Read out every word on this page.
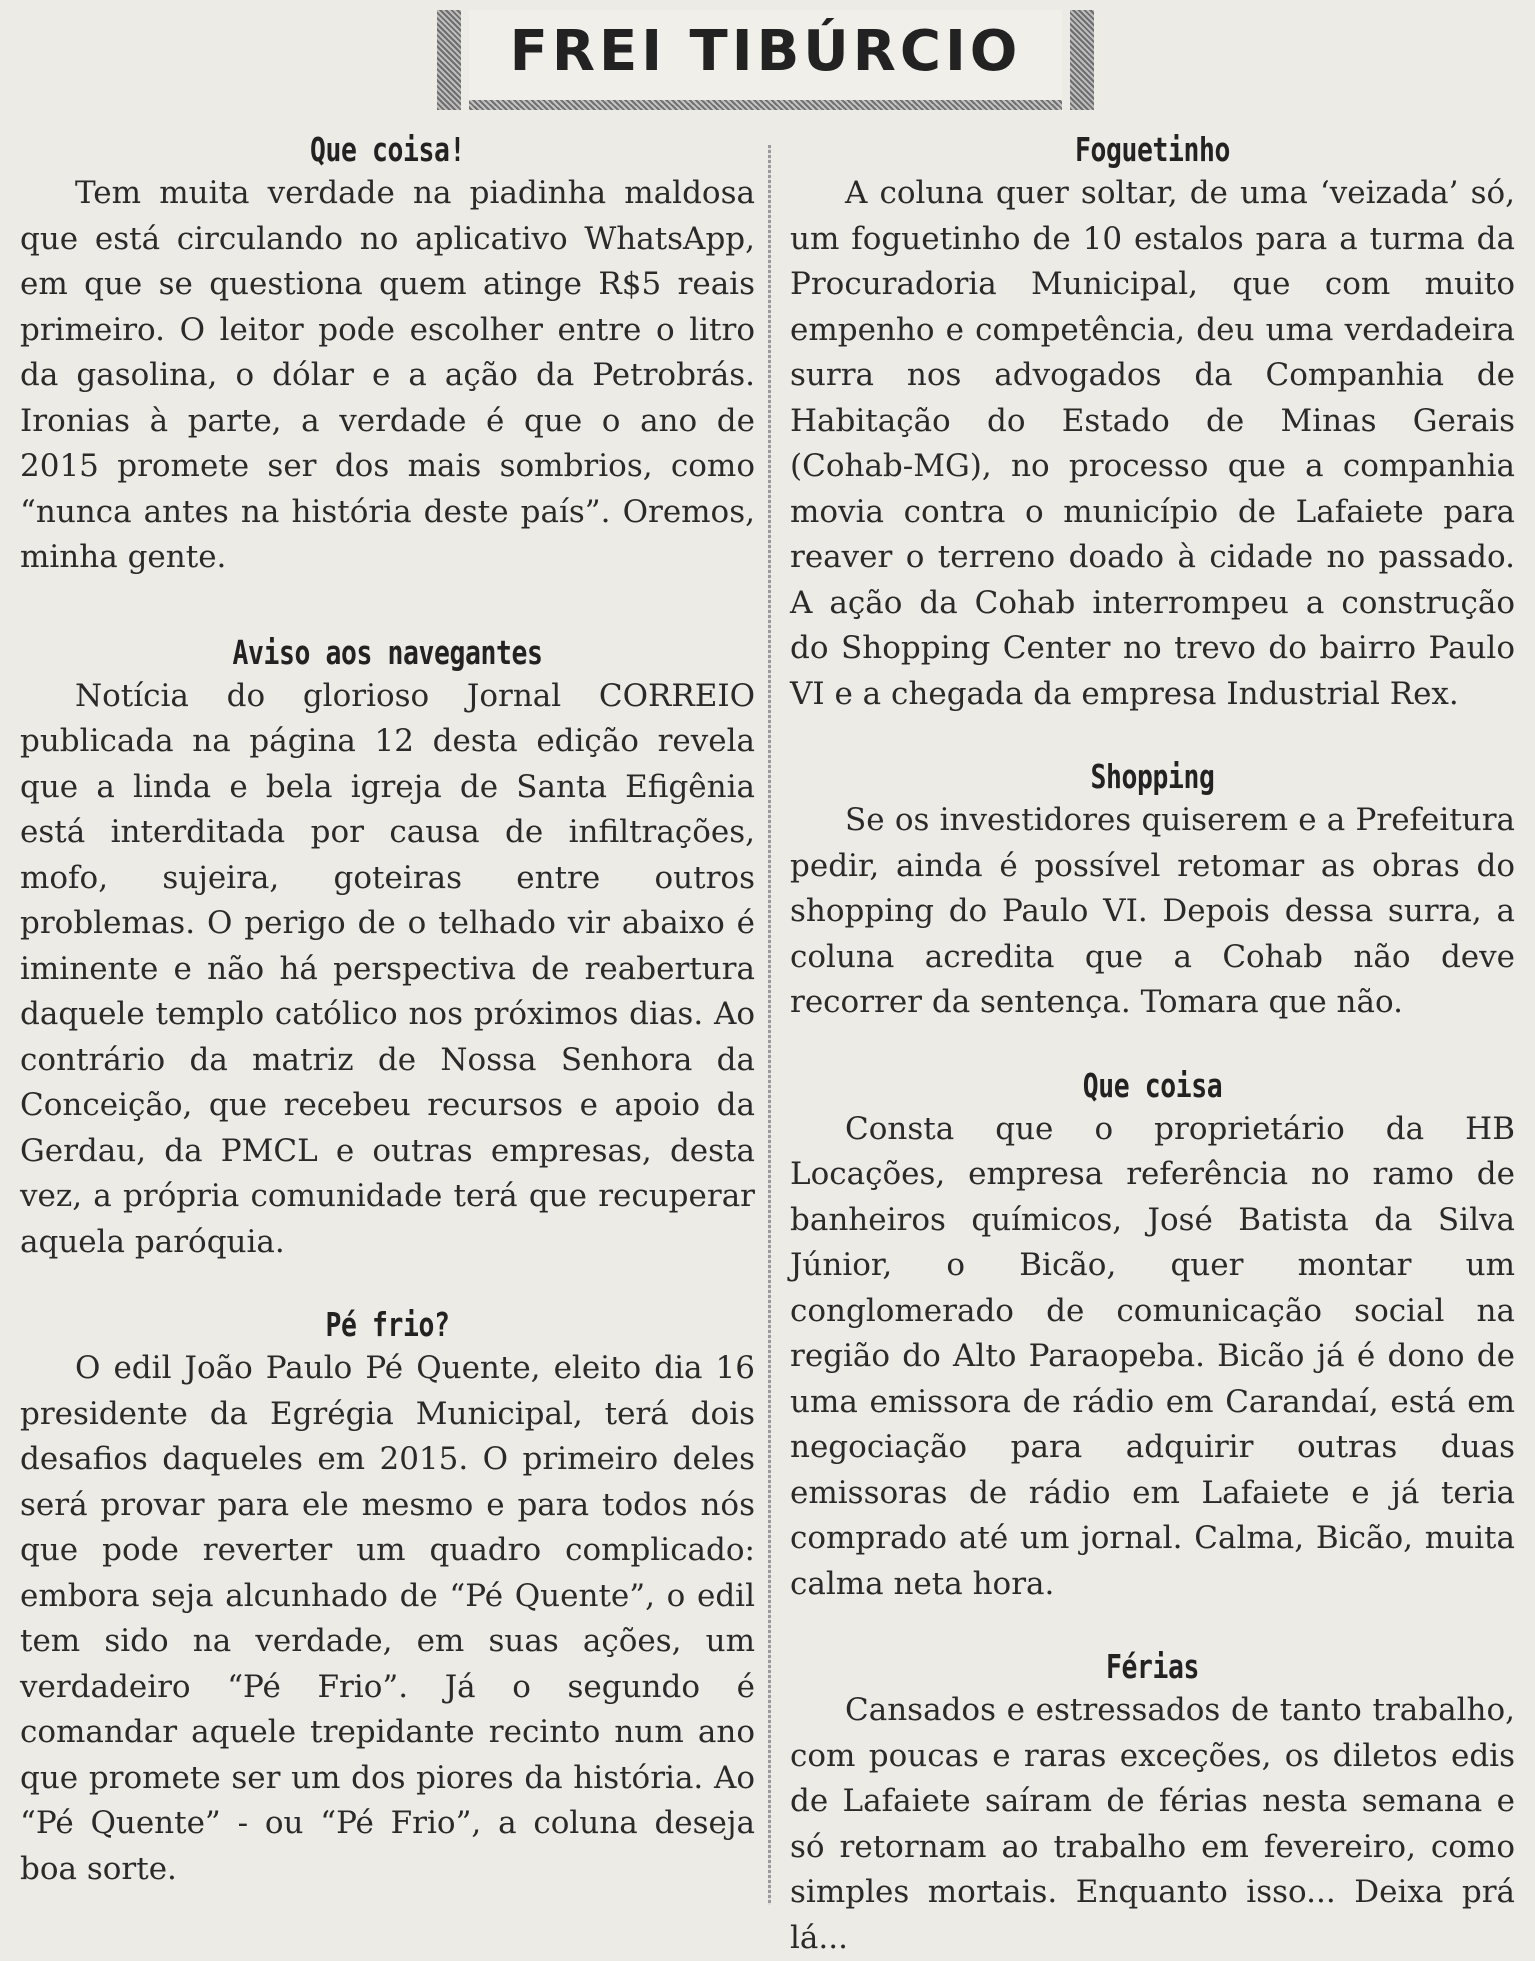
FREI TIBÚRCIO
Que coisa!

Tem muita verdade na piadinha maldosa que está circulando no aplicativo WhatsApp, em que se questiona quem atinge R$5 reais primeiro. O leitor pode escolher entre o litro da gasolina, o dólar e a ação da Petrobrás. Ironias à parte, a verdade é que o ano de 2015 promete ser dos mais sombrios, como “nunca antes na história deste país”. Oremos, minha gente.

Aviso aos navegantes

Notícia do glorioso Jornal CORREIO publicada na página 12 desta edição revela que a linda e bela igreja de Santa Efigênia está interditada por causa de infiltrações, mofo, sujeira, goteiras entre outros problemas. O perigo de o telhado vir abaixo é iminente e não há perspectiva de reabertura daquele templo católico nos próximos dias. Ao contrário da matriz de Nossa Senhora da Conceição, que recebeu recursos e apoio da Gerdau, da PMCL e outras empresas, desta vez, a própria comunidade terá que recuperar aquela paróquia.

Pé frio?

O edil João Paulo Pé Quente, eleito dia 16 presidente da Egrégia Municipal, terá dois desafios daqueles em 2015. O primeiro deles será provar para ele mesmo e para todos nós que pode reverter um quadro complicado: embora seja alcunhado de “Pé Quente”, o edil tem sido na verdade, em suas ações, um verdadeiro “Pé Frio”. Já o segundo é comandar aquele trepidante recinto num ano que promete ser um dos piores da história. Ao “Pé Quente” - ou “Pé Frio”, a coluna deseja boa sorte.

Foguetinho

A coluna quer soltar, de uma ‘veizada’ só, um foguetinho de 10 estalos para a turma da Procuradoria Municipal, que com muito empenho e competência, deu uma verdadeira surra nos advogados da Companhia de Habitação do Estado de Minas Gerais (Cohab-MG), no processo que a companhia movia contra o município de Lafaiete para reaver o terreno doado à cidade no passado. A ação da Cohab interrompeu a construção do Shopping Center no trevo do bairro Paulo VI e a chegada da empresa Industrial Rex.

Shopping

Se os investidores quiserem e a Prefeitura pedir, ainda é possível retomar as obras do shopping do Paulo VI. Depois dessa surra, a coluna acredita que a Cohab não deve recorrer da sentença. Tomara que não.

Que coisa

Consta que o proprietário da HB Locações, empresa referência no ramo de banheiros químicos, José Batista da Silva Júnior, o Bicão, quer montar um conglomerado de comunicação social na região do Alto Paraopeba. Bicão já é dono de uma emissora de rádio em Carandaí, está em negociação para adquirir outras duas emissoras de rádio em Lafaiete e já teria comprado até um jornal. Calma, Bicão, muita calma neta hora.

Férias

Cansados e estressados de tanto trabalho, com poucas e raras exceções, os diletos edis de Lafaiete saíram de férias nesta semana e só retornam ao trabalho em fevereiro, como simples mortais. Enquanto isso... Deixa prá lá...
